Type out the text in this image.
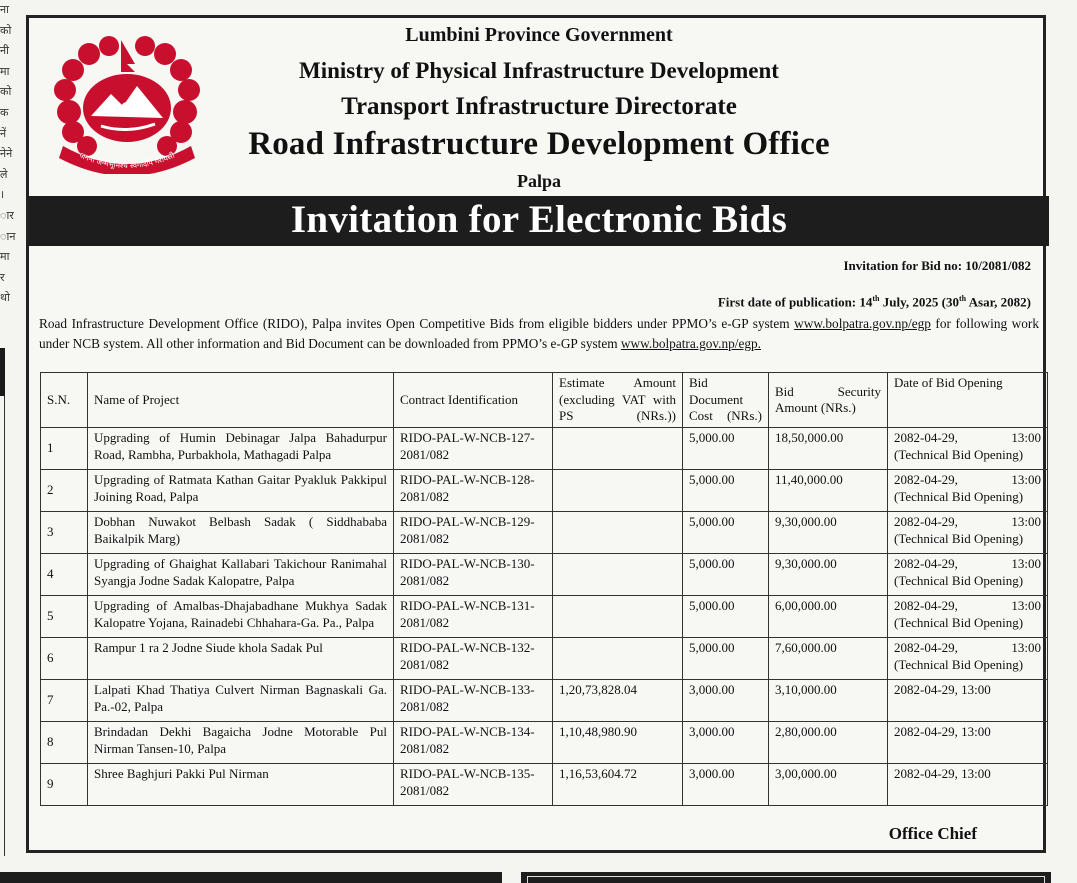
ना
को
नी
मा
को
क
नें
नेने
ले
।
ार
ान
मा
र
थो
जननी जन्मभूमिश्च स्वर्गादपि गरीयसी
Lumbini Province Government
Ministry of Physical Infrastructure Development
Transport Infrastructure Directorate
Road Infrastructure Development Office
Palpa
Invitation for Electronic Bids
Invitation for Bid no: 10/2081/082
First date of publication: 14th July, 2025 (30th Asar, 2082)
Road Infrastructure Development Office (RIDO), Palpa invites Open Competitive Bids from eligible bidders under PPMO’s e-GP system www.bolpatra.gov.np/egp for following work under NCB system. All other information and Bid Document can be downloaded from PPMO’s e-GP system www.bolpatra.gov.np/egp.
S.N.	Name of Project	Contract Identification	Estimate Amount (excluding VAT with PS (NRs.))	Bid Document Cost (NRs.)	Bid Security Amount (NRs.)	Date of Bid Opening
1	Upgrading of Humin Debinagar Jalpa Bahadurpur Road, Rambha, Purbakhola, Mathagadi Palpa	RIDO-PAL-W-NCB-127-2081/082		5,000.00	18,50,000.00	2082-04-29, 13:00
(Technical Bid Opening)

2	Upgrading of Ratmata Kathan Gaitar Pyakluk Pakkipul Joining Road, Palpa	RIDO-PAL-W-NCB-128-2081/082		5,000.00	11,40,000.00	2082-04-29, 13:00
(Technical Bid Opening)

3	Dobhan Nuwakot Belbash Sadak ( Siddhababa Baikalpik Marg)	RIDO-PAL-W-NCB-129-2081/082		5,000.00	9,30,000.00	2082-04-29, 13:00
(Technical Bid Opening)

4	Upgrading of Ghaighat Kallabari Takichour Ranimahal Syangja Jodne Sadak Kalopatre, Palpa	RIDO-PAL-W-NCB-130-2081/082		5,000.00	9,30,000.00	2082-04-29, 13:00
(Technical Bid Opening)

5	Upgrading of Amalbas-Dhajabadhane Mukhya Sadak Kalopatre Yojana, Rainadebi Chhahara-Ga. Pa., Palpa	RIDO-PAL-W-NCB-131-2081/082		5,000.00	6,00,000.00	2082-04-29, 13:00
(Technical Bid Opening)

6	Rampur 1 ra 2 Jodne Siude khola Sadak Pul	RIDO-PAL-W-NCB-132-2081/082		5,000.00	7,60,000.00	2082-04-29, 13:00
(Technical Bid Opening)

7	Lalpati Khad Thatiya Culvert Nirman Bagnaskali Ga. Pa.-02, Palpa	RIDO-PAL-W-NCB-133-2081/082	1,20,73,828.04	3,000.00	3,10,000.00	2082-04-29, 13:00
8	Brindadan Dekhi Bagaicha Jodne Motorable Pul Nirman Tansen-10, Palpa	RIDO-PAL-W-NCB-134-2081/082	1,10,48,980.90	3,000.00	2,80,000.00	2082-04-29, 13:00
9	Shree Baghjuri Pakki Pul Nirman	RIDO-PAL-W-NCB-135-2081/082	1,16,53,604.72	3,000.00	3,00,000.00	2082-04-29, 13:00
Office Chief
